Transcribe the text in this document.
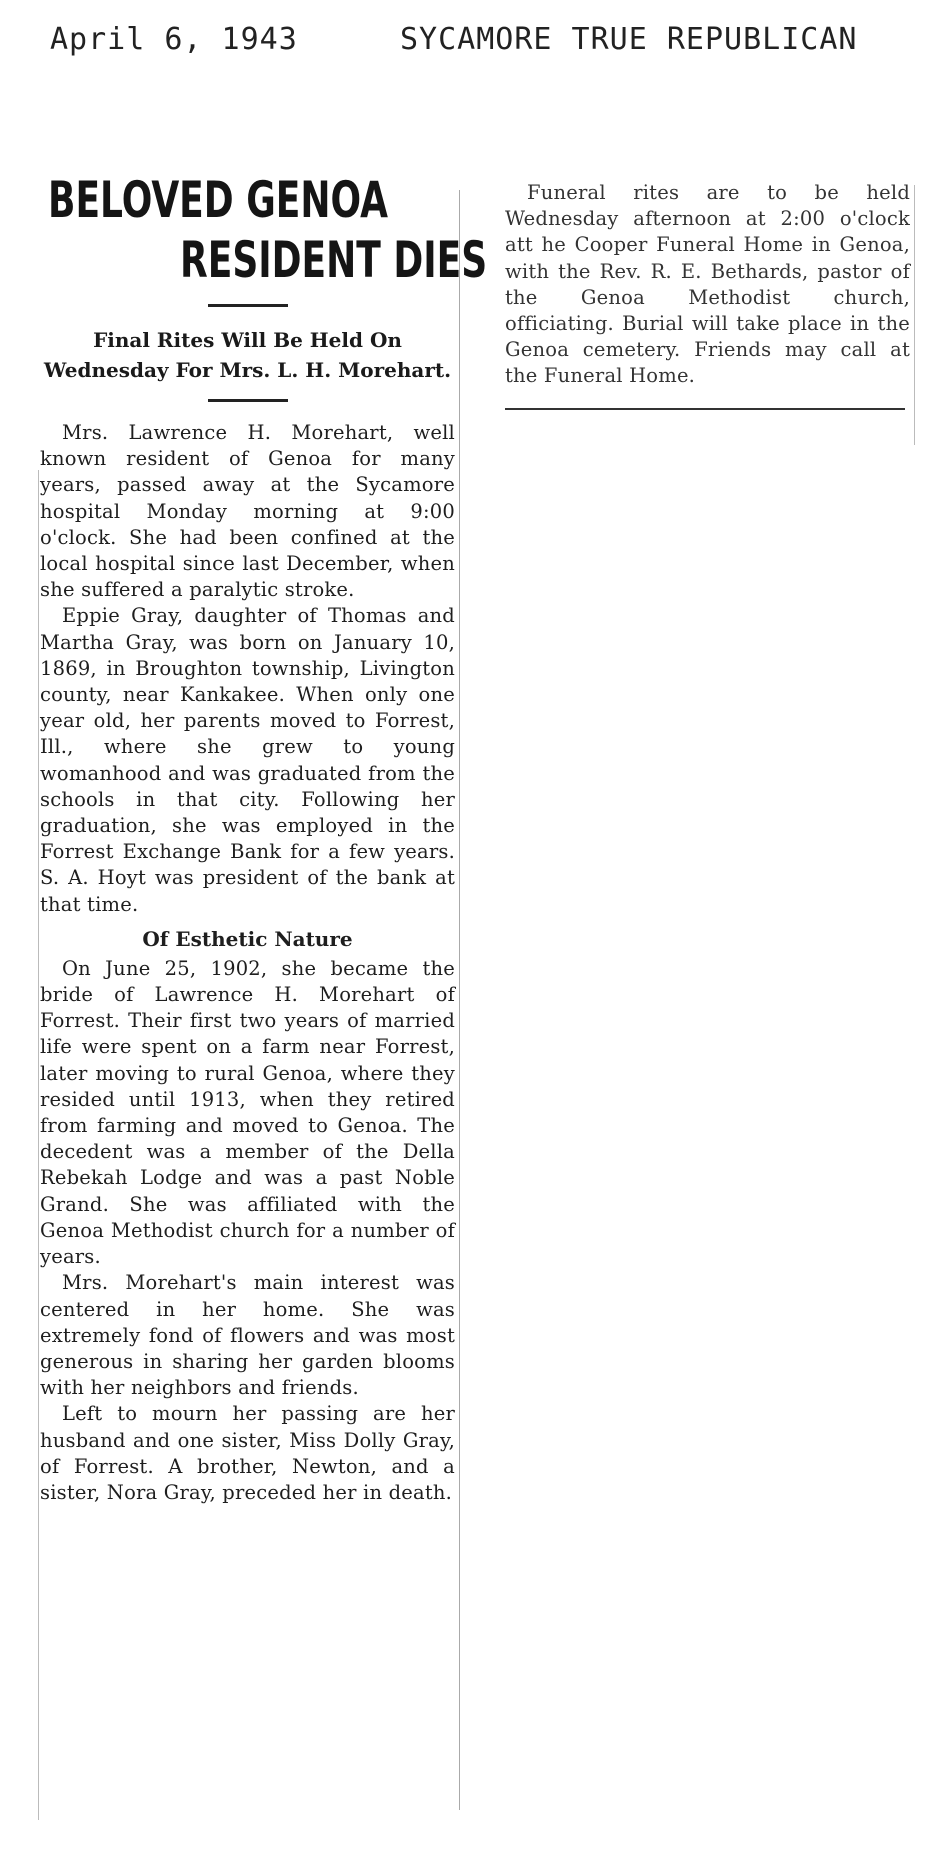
April 6, 1943	SYCAMORE TRUE REPUBLICAN
BELOVED GENOA
RESIDENT DIES

Final Rites Will Be Held On Wednesday For Mrs. L. H. Morehart.

Mrs. Lawrence H. Morehart, well known resident of Genoa for many years, passed away at the Sycamore hospital Monday morning at 9:00 o'clock. She had been confined at the local hospital since last December, when she suffered a paralytic stroke.

Eppie Gray, daughter of Thomas and Martha Gray, was born on January 10, 1869, in Broughton township, Livington county, near Kankakee. When only one year old, her parents moved to Forrest, Ill., where she grew to young womanhood and was graduated from the schools in that city. Following her graduation, she was employed in the Forrest Exchange Bank for a few years. S. A. Hoyt was president of the bank at that time.

Of Esthetic Nature

On June 25, 1902, she became the bride of Lawrence H. Morehart of Forrest. Their first two years of married life were spent on a farm near Forrest, later moving to rural Genoa, where they resided until 1913, when they retired from farming and moved to Genoa. The decedent was a member of the Della Rebekah Lodge and was a past Noble Grand. She was affiliated with the Genoa Methodist church for a number of years.

Mrs. Morehart's main interest was centered in her home. She was extremely fond of flowers and was most generous in sharing her garden blooms with her neighbors and friends.

Left to mourn her passing are her husband and one sister, Miss Dolly Gray, of Forrest. A brother, Newton, and a sister, Nora Gray, preceded her in death.

Funeral rites are to be held Wednesday afternoon at 2:00 o'clock att he Cooper Funeral Home in Genoa, with the Rev. R. E. Bethards, pastor of the Genoa Methodist church, officiating. Burial will take place in the Genoa cemetery. Friends may call at the Funeral Home.
